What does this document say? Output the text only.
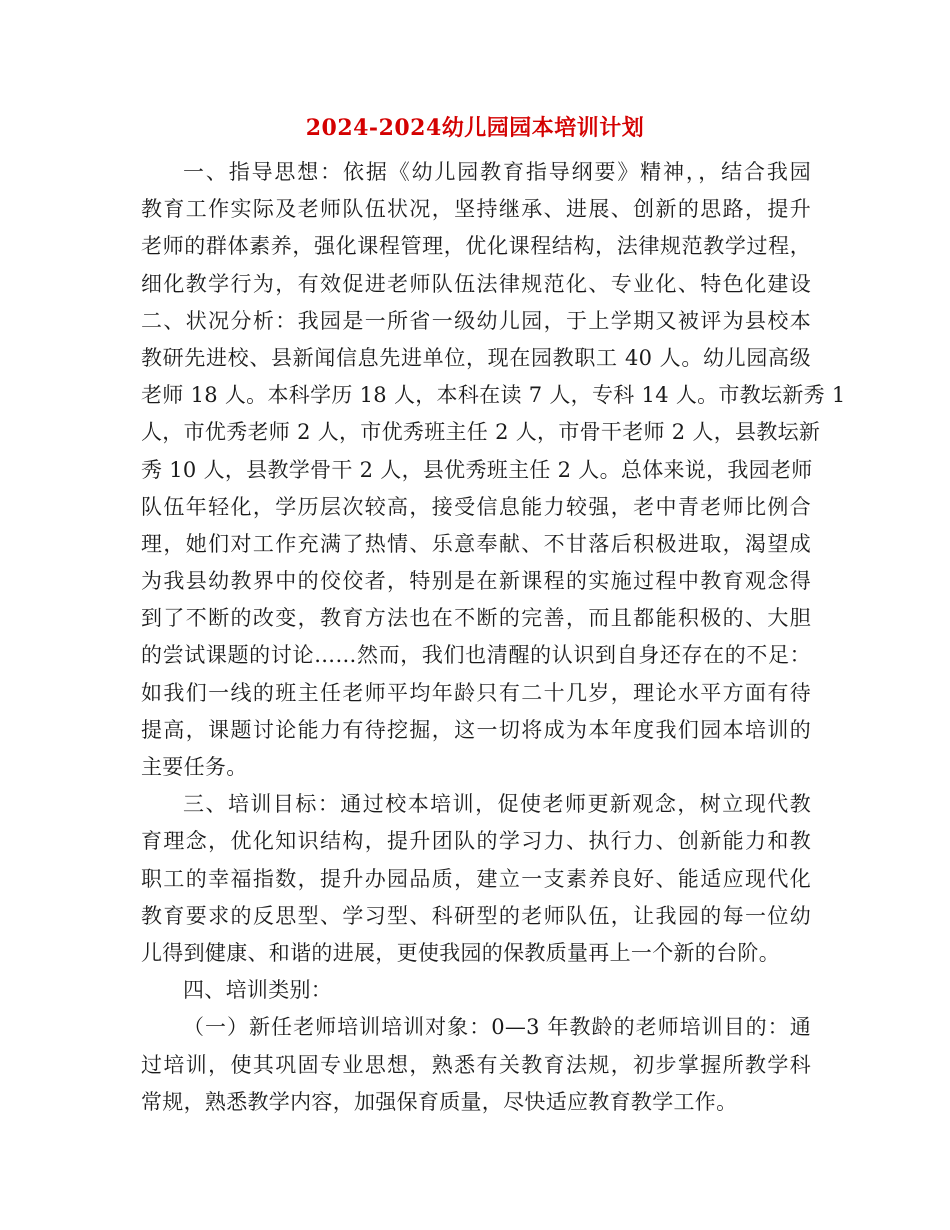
2024-2024幼儿园园本培训计划
一、指导思想：依据《幼儿园教育指导纲要》精神，，结合我园
教育工作实际及老师队伍状况，坚持继承、进展、创新的思路，提升
老师的群体素养，强化课程管理，优化课程结构，法律规范教学过程，
细化教学行为，有效促进老师队伍法律规范化、专业化、特色化建设
二、状况分析：我园是一所省一级幼儿园，于上学期又被评为县校本
教研先进校、县新闻信息先进单位，现在园教职工 40 人。幼儿园高级
老师 18 人。本科学历 18 人，本科在读 7 人，专科 14 人。市教坛新秀 1
人，市优秀老师 2 人，市优秀班主任 2 人，市骨干老师 2 人，县教坛新
秀 10 人，县教学骨干 2 人，县优秀班主任 2 人。总体来说，我园老师
队伍年轻化，学历层次较高，接受信息能力较强，老中青老师比例合
理，她们对工作充满了热情、乐意奉献、不甘落后积极进取，渴望成
为我县幼教界中的佼佼者，特别是在新课程的实施过程中教育观念得
到了不断的改变，教育方法也在不断的完善，而且都能积极的、大胆
的尝试课题的讨论……然而，我们也清醒的认识到自身还存在的不足：
如我们一线的班主任老师平均年龄只有二十几岁，理论水平方面有待
提高，课题讨论能力有待挖掘，这一切将成为本年度我们园本培训的
主要任务。
三、培训目标：通过校本培训，促使老师更新观念，树立现代教
育理念，优化知识结构，提升团队的学习力、执行力、创新能力和教
职工的幸福指数，提升办园品质，建立一支素养良好、能适应现代化
教育要求的反思型、学习型、科研型的老师队伍，让我园的每一位幼
儿得到健康、和谐的进展，更使我园的保教质量再上一个新的台阶。
四、培训类别：
（一）新任老师培训培训对象：0—3 年教龄的老师培训目的：通
过培训，使其巩固专业思想，熟悉有关教育法规，初步掌握所教学科
常规，熟悉教学内容，加强保育质量，尽快适应教育教学工作。
